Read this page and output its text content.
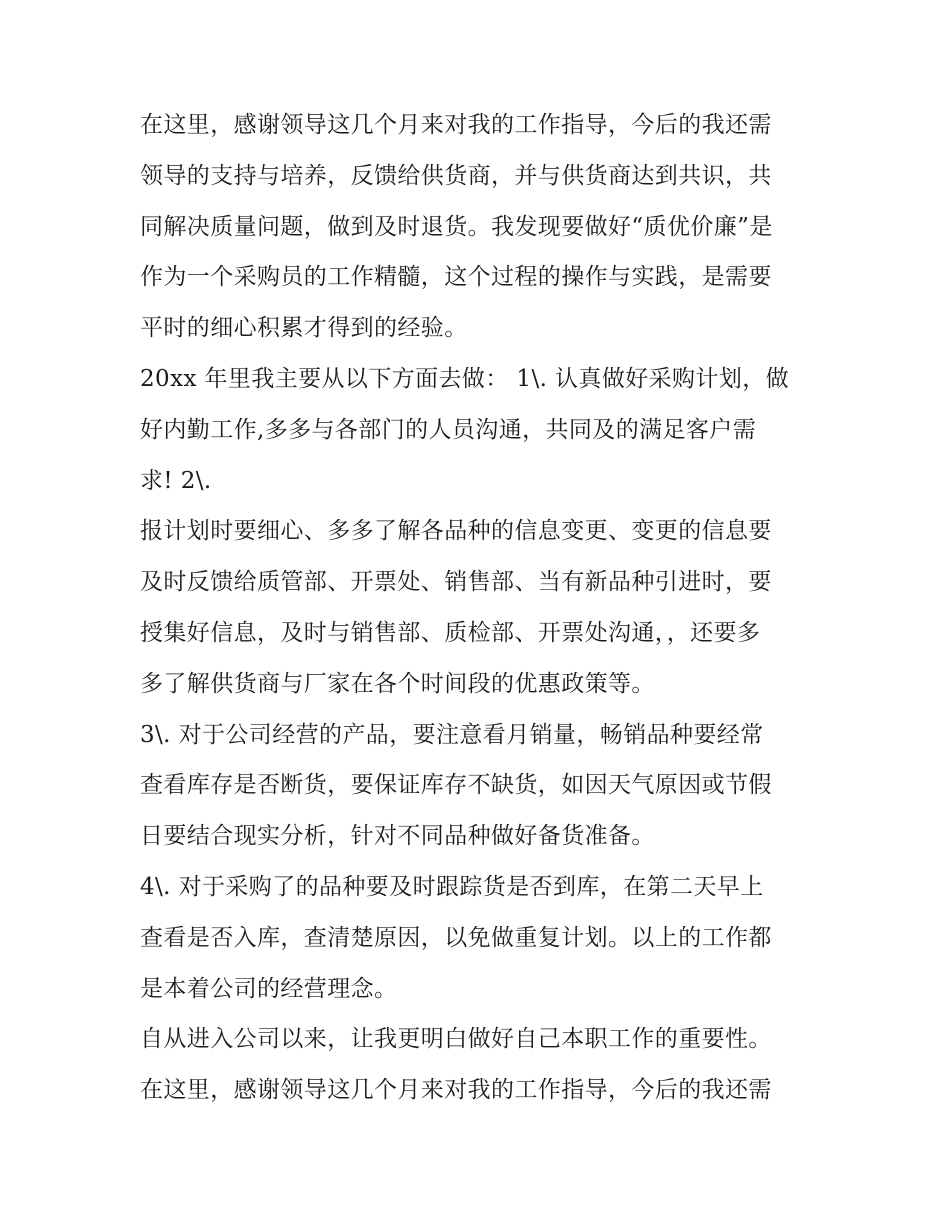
在这里，感谢领导这几个月来对我的工作指导，今后的我还需
领导的支持与培养，反馈给供货商，并与供货商达到共识，共
同解决质量问题，做到及时退货。我发现要做好“质优价廉”是
作为一个采购员的工作精髓，这个过程的操作与实践，是需要
平时的细心积累才得到的经验。
20xx 年里我主要从以下方面去做： 1\. 认真做好采购计划，做
好内勤工作,多多与各部门的人员沟通，共同及的满足客户需
求! 2\.
报计划时要细心、多多了解各品种的信息变更、变更的信息要
及时反馈给质管部、开票处、销售部、当有新品种引进时，要
授集好信息，及时与销售部、质检部、开票处沟通，，还要多
多了解供货商与厂家在各个时间段的优惠政策等。
3\. 对于公司经营的产品，要注意看月销量，畅销品种要经常
查看库存是否断货，要保证库存不缺货，如因天气原因或节假
日要结合现实分析，针对不同品种做好备货准备。
4\. 对于采购了的品种要及时跟踪货是否到库，在第二天早上
查看是否入库，查清楚原因，以免做重复计划。以上的工作都
是本着公司的经营理念。
自从进入公司以来，让我更明白做好自己本职工作的重要性。
在这里，感谢领导这几个月来对我的工作指导，今后的我还需
